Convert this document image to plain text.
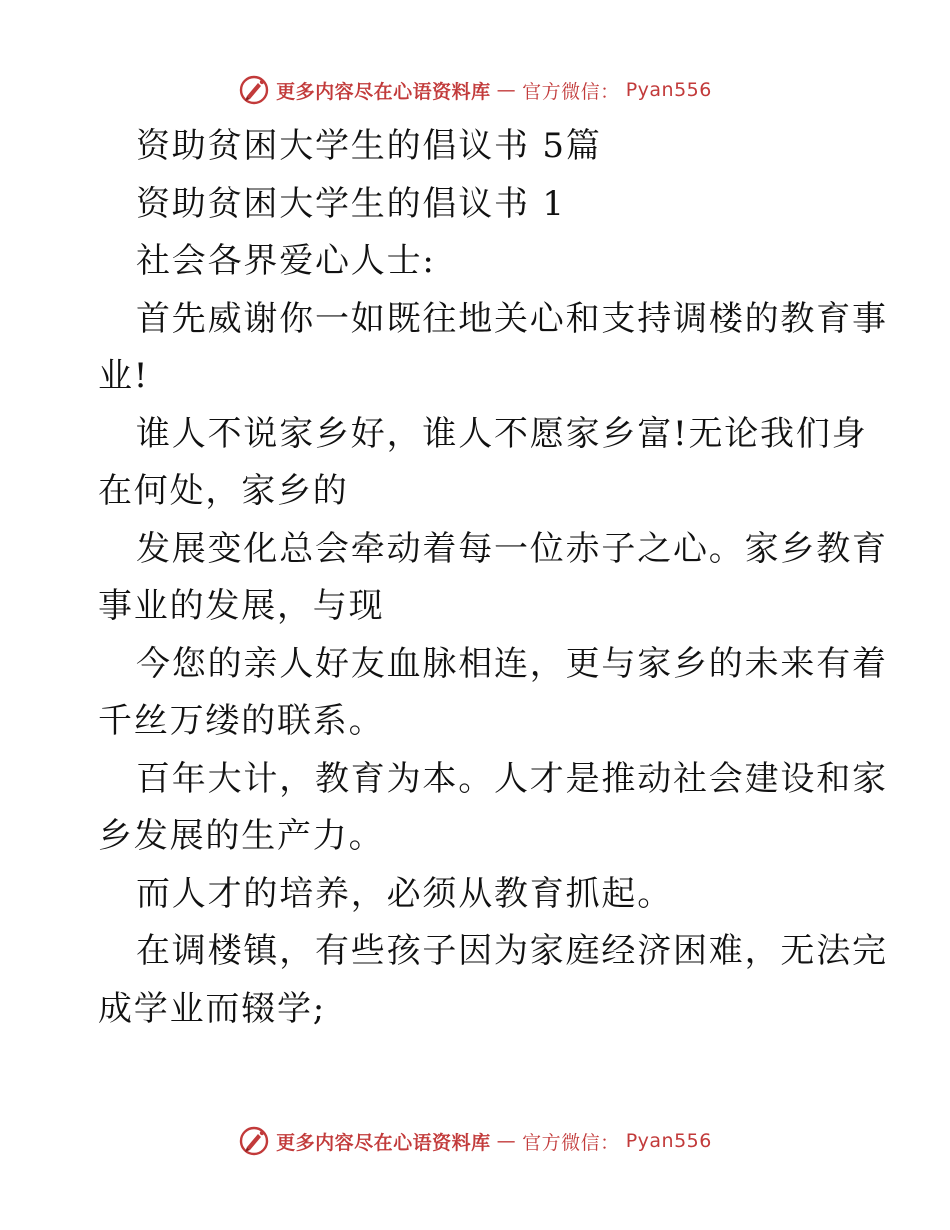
更多内容尽在心语资料库 — 官方微信： Pyan556
资助贫困大学生的倡议书 5篇
资助贫困大学生的倡议书 1
社会各界爱心人士:
首先威谢你一如既往地关心和支持调楼的教育事
业!
谁人不说家乡好，谁人不愿家乡富!无论我们身
在何处，家乡的
发展变化总会牵动着每一位赤子之心。家乡教育
事业的发展，与现
今您的亲人好友血脉相连，更与家乡的未来有着
千丝万缕的联系。
百年大计，教育为本。人才是推动社会建设和家
乡发展的生产力。
而人才的培养，必须从教育抓起。
在调楼镇，有些孩子因为家庭经济困难，无法完
成学业而辍学;
更多内容尽在心语资料库 — 官方微信： Pyan556
